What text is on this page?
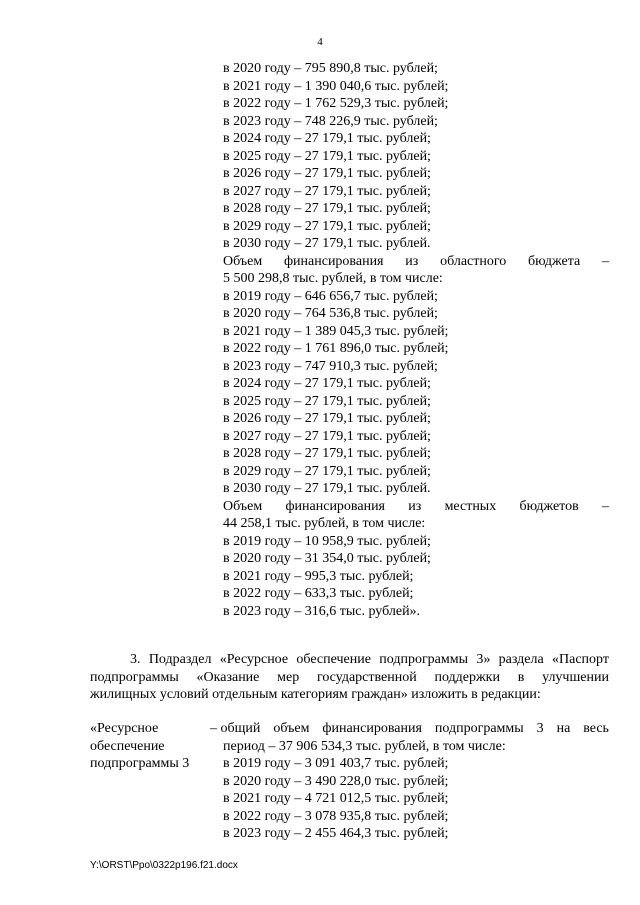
4
в 2020 году – 795 890,8 тыс. рублей;
в 2021 году – 1 390 040,6 тыс. рублей;
в 2022 году – 1 762 529,3 тыс. рублей;
в 2023 году – 748 226,9 тыс. рублей;
в 2024 году – 27 179,1 тыс. рублей;
в 2025 году – 27 179,1 тыс. рублей;
в 2026 году – 27 179,1 тыс. рублей;
в 2027 году – 27 179,1 тыс. рублей;
в 2028 году – 27 179,1 тыс. рублей;
в 2029 году – 27 179,1 тыс. рублей;
в 2030 году – 27 179,1 тыс. рублей.
Объем финансирования из областного бюджета –
5 500 298,8 тыс. рублей, в том числе:
в 2019 году – 646 656,7 тыс. рублей;
в 2020 году – 764 536,8 тыс. рублей;
в 2021 году – 1 389 045,3 тыс. рублей;
в 2022 году – 1 761 896,0 тыс. рублей;
в 2023 году – 747 910,3 тыс. рублей;
в 2024 году – 27 179,1 тыс. рублей;
в 2025 году – 27 179,1 тыс. рублей;
в 2026 году – 27 179,1 тыс. рублей;
в 2027 году – 27 179,1 тыс. рублей;
в 2028 году – 27 179,1 тыс. рублей;
в 2029 году – 27 179,1 тыс. рублей;
в 2030 году – 27 179,1 тыс. рублей.
Объем финансирования из местных бюджетов –
44 258,1 тыс. рублей, в том числе:
в 2019 году – 10 958,9 тыс. рублей;
в 2020 году – 31 354,0 тыс. рублей;
в 2021 году – 995,3 тыс. рублей;
в 2022 году – 633,3 тыс. рублей;
в 2023 году – 316,6 тыс. рублей».
3. Подраздел «Ресурсное обеспечение подпрограммы 3» раздела «Паспорт
подпрограммы «Оказание мер государственной поддержки в улучшении
жилищных условий отдельным категориям граждан» изложить в редакции:
«Ресурсное
обеспечение
подпрограммы 3
– общий объем финансирования подпрограммы 3 на весь
период – 37 906 534,3 тыс. рублей, в том числе:
в 2019 году – 3 091 403,7 тыс. рублей;
в 2020 году – 3 490 228,0 тыс. рублей;
в 2021 году – 4 721 012,5 тыс. рублей;
в 2022 году – 3 078 935,8 тыс. рублей;
в 2023 году – 2 455 464,3 тыс. рублей;
Y:\ORST\Ppo\0322p196.f21.docx
